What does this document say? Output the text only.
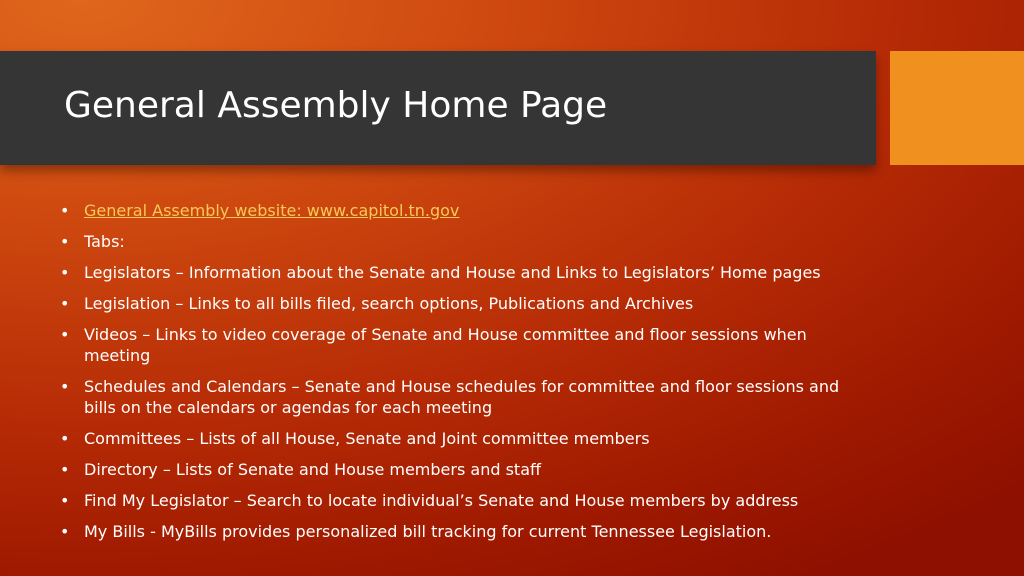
General Assembly Home Page
• General Assembly website: www.capitol.tn.gov
• Tabs:
• Legislators – Information about the Senate and House and Links to Legislators’ Home pages
• Legislation – Links to all bills filed, search options, Publications and Archives
• Videos – Links to video coverage of Senate and House committee and floor sessions when meeting
• Schedules and Calendars – Senate and House schedules for committee and floor sessions and bills on the calendars or agendas for each meeting
• Committees – Lists of all House, Senate and Joint committee members
• Directory – Lists of Senate and House members and staff
• Find My Legislator – Search to locate individual’s Senate and House members by address
• My Bills - MyBills provides personalized bill tracking for current Tennessee Legislation.
